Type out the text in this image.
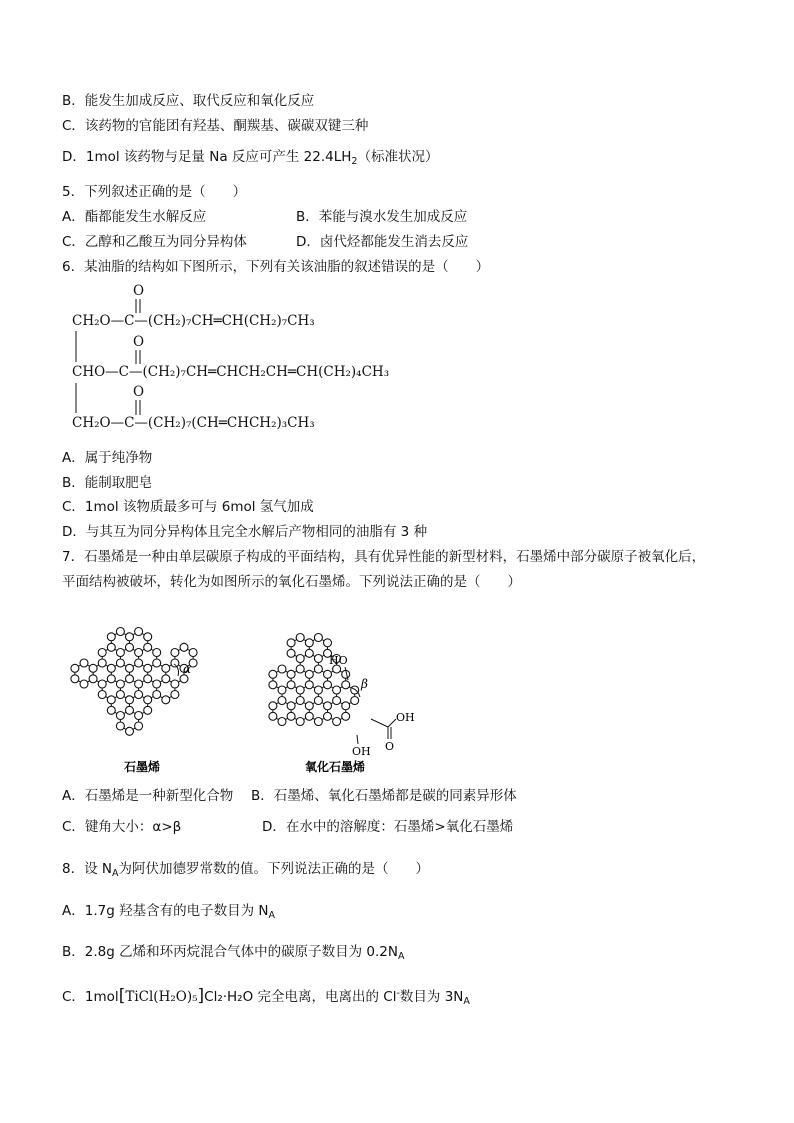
B．能发生加成反应、取代反应和氧化反应
C．该药物的官能团有羟基、酮羰基、碳碳双键三种
D．1mol 该药物与足量 Na 反应可产生 $22.4LH_2$（标准状况）
5．下列叙述正确的是（　　）
A．酯都能发生水解反应	B．苯能与溴水发生加成反应
C．乙醇和乙酸互为同分异构体	D．卤代烃都能发生消去反应
6．某油脂的结构如下图所示，下列有关该油脂的叙述错误的是（　　）
O
O
O
CH₂O—C—(CH₂)₇CH═CH(CH₂)₇CH₃
CHO—C—(CH₂)₇CH═CHCH₂CH═CH(CH₂)₄CH₃
CH₂O—C—(CH₂)₇(CH═CHCH₂)₃CH₃
A．属于纯净物
B．能制取肥皂
C．1mol 该物质最多可与 6mol 氢气加成
D．与其互为同分异构体且完全水解后产物相同的油脂有 3 种
7．石墨烯是一种由单层碳原子构成的平面结构，具有优异性能的新型材料，石墨烯中部分碳原子被氧化后，
平面结构被破坏，转化为如图所示的氧化石墨烯。下列说法正确的是（　　）
α
HO
β
OH
O
OH
石墨烯	氧化石墨烯
A．石墨烯是一种新型化合物　 B．石墨烯、氧化石墨烯都是碳的同素异形体
C．键角大小：α>β	D．在水中的溶解度：石墨烯>氧化石墨烯
8．设 $N_A$为阿伏加德罗常数的值。下列说法正确的是（　　）
A．1.7g 羟基含有的电子数目为 $N_A$
B．2.8g 乙烯和环丙烷混合气体中的碳原子数目为 $0.2N_A$
C．1mol[TiCl(H₂O)₅]Cl₂·H₂O 完全电离，电离出的 Cl-数目为 $3N_A$
